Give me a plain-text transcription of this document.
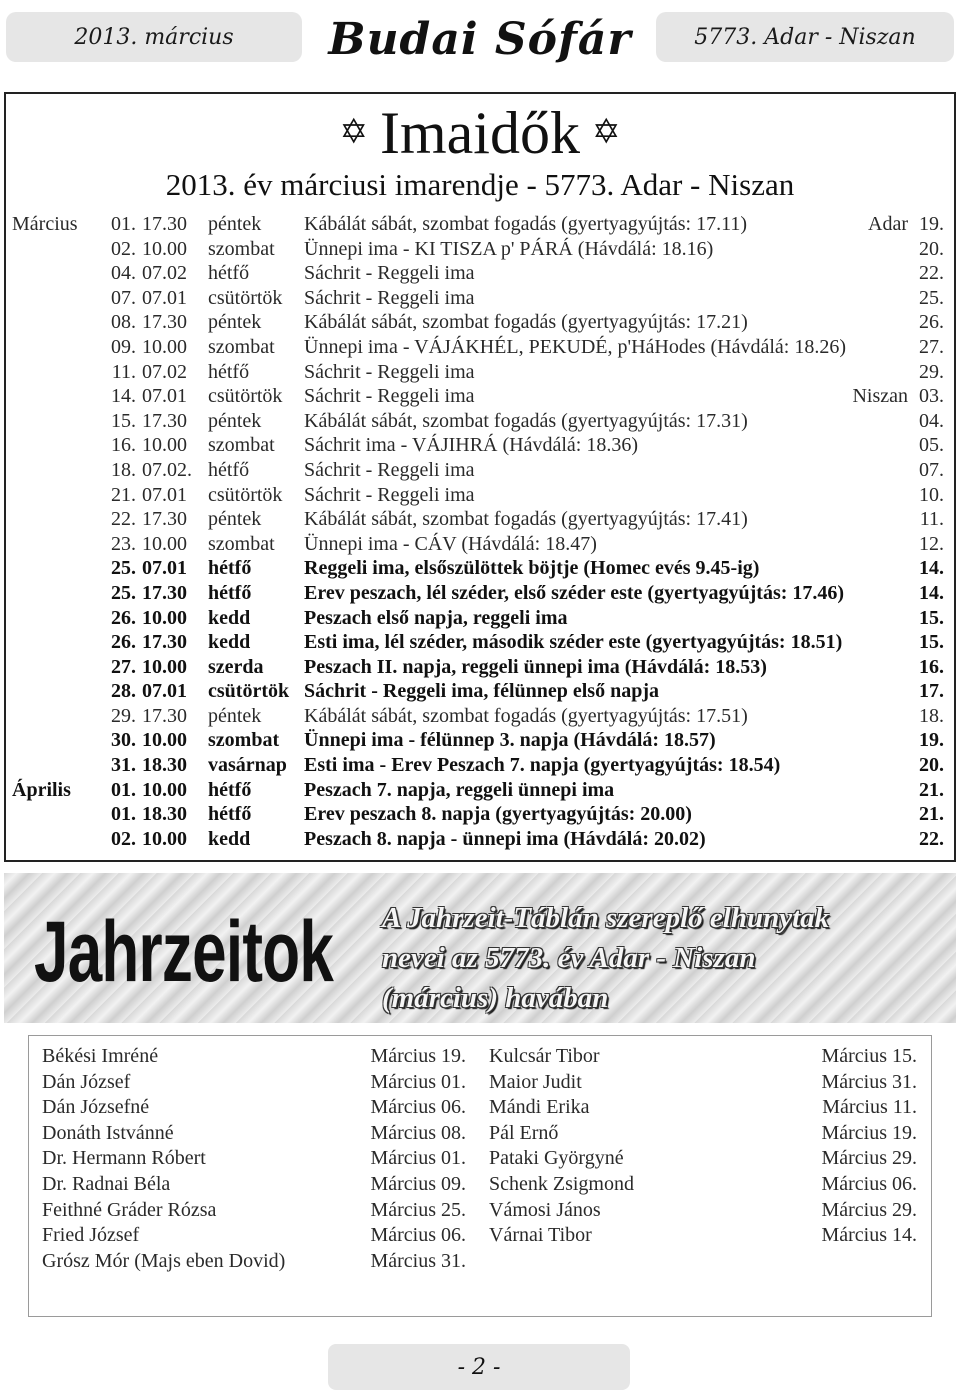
2013. március	Budai Sófár	5773. Adar - Niszan
✡ Imaidők ✡
2013. év márciusi imarendje - 5773. Adar - Niszan
Március	01. 17.30 péntek Kábálát sábát, szombat fogadás (gyertyagyújtás: 17.11)	Adar 19.
02. 10.00 szombat Ünnepi ima - KI TISZA p' PÁRÁ (Hávdálá: 18.16)	20.
04. 07.02 hétfő	Sáchrit - Reggeli ima	22.
07. 07.01 csütörtök Sáchrit - Reggeli ima	25.
08. 17.30 péntek Kábálát sábát, szombat fogadás (gyertyagyújtás: 17.21)	26.
09. 10.00 szombat Ünnepi ima - VÁJÁKHÉL, PEKUDÉ, p'HáHodes (Hávdálá: 18.26)	27.
11. 07.02 hétfő	Sáchrit - Reggeli ima	29.
14. 07.01 csütörtök Sáchrit - Reggeli ima	Niszan 03.
15. 17.30 péntek Kábálát sábát, szombat fogadás (gyertyagyújtás: 17.31)	04.
16. 10.00 szombat Sáchrit ima - VÁJIHRÁ (Hávdálá: 18.36)	05.
18. 07.02. hétfő	Sáchrit - Reggeli ima	07.
21. 07.01 csütörtök Sáchrit - Reggeli ima	10.
22. 17.30 péntek Kábálát sábát, szombat fogadás (gyertyagyújtás: 17.41)	11.
23. 10.00 szombat Ünnepi ima - CÁV (Hávdálá: 18.47)	12.
25. 07.01 hétfő	Reggeli ima, elsőszülöttek böjtje (Homec evés 9.45-ig)	14.
25. 17.30 hétfő	Erev peszach, lél széder, első széder este (gyertyagyújtás: 17.46)	14.
26. 10.00 kedd	Peszach első napja, reggeli ima	15.
26. 17.30 kedd	Esti ima, lél széder, második széder este (gyertyagyújtás: 18.51)	15.
27. 10.00 szerda Peszach II. napja, reggeli ünnepi ima (Hávdálá: 18.53)	16.
28. 07.01 csütörtök Sáchrit - Reggeli ima, félünnep első napja	17.
29. 17.30 péntek Kábálát sábát, szombat fogadás (gyertyagyújtás: 17.51)	18.
30. 10.00 szombat Ünnepi ima - félünnep 3. napja (Hávdálá: 18.57)	19.
31. 18.30 vasárnap Esti ima - Erev Peszach 7. napja (gyertyagyújtás: 18.54)	20.
Április	01. 10.00 hétfő	Peszach 7. napja, reggeli ünnepi ima	21.
01. 18.30 hétfő	Erev peszach 8. napja (gyertyagyújtás: 20.00)	21.
02. 10.00 kedd	Peszach 8. napja - ünnepi ima (Hávdálá: 20.02)	22.
Jahrzeitok A Jahrzeit-Táblán szereplő elhunytak
nevei az 5773. év Adar - Niszan
(március) havában
Békési Imréné	Március 19.
Dán József	Március 01.
Dán Józsefné	Március 06.
Donáth Istvánné	Március 08.
Dr. Hermann Róbert	Március 01.
Dr. Radnai Béla	Március 09.
Feithné Gráder Rózsa	Március 25.
Fried József	Március 06.
Grósz Mór (Majs eben Dovid)	Március 31.
Kulcsár Tibor	Március 15.
Maior Judit	Március 31.
Mándi Erika	Március 11.
Pál Ernő	Március 19.
Pataki Györgyné	Március 29.
Schenk Zsigmond	Március 06.
Vámosi János	Március 29.
Várnai Tibor	Március 14.
- 2 -
